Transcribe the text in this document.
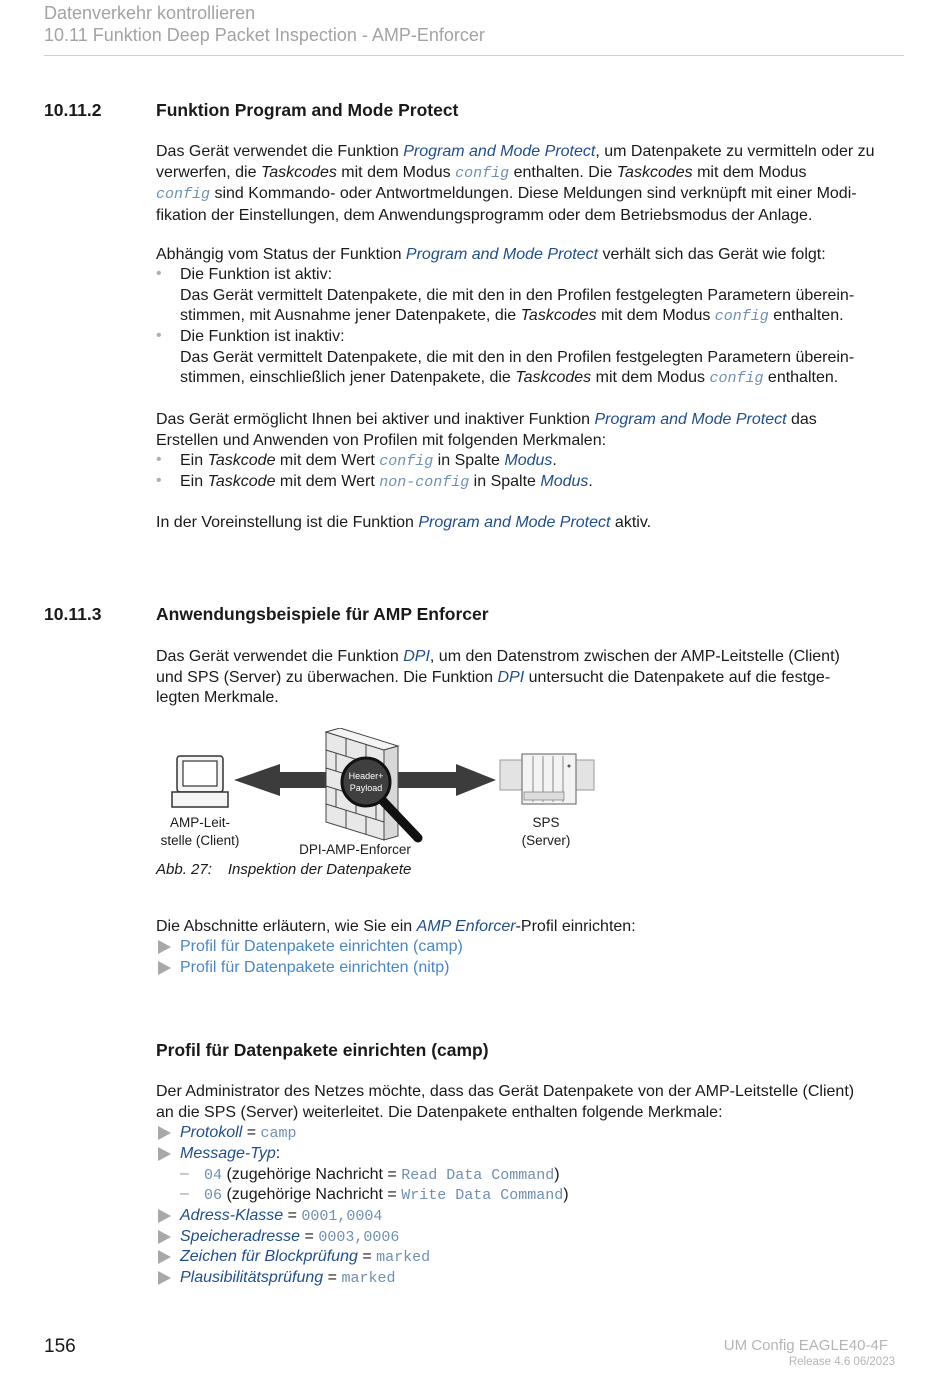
Datenverkehr kontrollieren
10.11 Funktion Deep Packet Inspection - AMP-Enforcer
10.11.2	Funktion Program and Mode Protect
Das Gerät verwendet die Funktion Program and Mode Protect, um Datenpakete zu vermitteln oder zu
verwerfen, die Taskcodes mit dem Modus config enthalten. Die Taskcodes mit dem Modus
config sind Kommando- oder Antwortmeldungen. Diese Meldungen sind verknüpft mit einer Modi-
fikation der Einstellungen, dem Anwendungsprogramm oder dem Betriebsmodus der Anlage.
Abhängig vom Status der Funktion Program and Mode Protect verhält sich das Gerät wie folgt:
• Die Funktion ist aktiv:
Das Gerät vermittelt Datenpakete, die mit den in den Profilen festgelegten Parametern überein-
stimmen, mit Ausnahme jener Datenpakete, die Taskcodes mit dem Modus config enthalten.
• Die Funktion ist inaktiv:
Das Gerät vermittelt Datenpakete, die mit den in den Profilen festgelegten Parametern überein-
stimmen, einschließlich jener Datenpakete, die Taskcodes mit dem Modus config enthalten.
Das Gerät ermöglicht Ihnen bei aktiver und inaktiver Funktion Program and Mode Protect das
Erstellen und Anwenden von Profilen mit folgenden Merkmalen:
• Ein Taskcode mit dem Wert config in Spalte Modus.
• Ein Taskcode mit dem Wert non-config in Spalte Modus.
In der Voreinstellung ist die Funktion Program and Mode Protect aktiv.
10.11.3	Anwendungsbeispiele für AMP Enforcer
Das Gerät verwendet die Funktion DPI, um den Datenstrom zwischen der AMP-Leitstelle (Client)
und SPS (Server) zu überwachen. Die Funktion DPI untersucht die Datenpakete auf die festge-
legten Merkmale.
Header+
Payload
AMP-Leit-
stelle (Client)
DPI-AMP-Enforcer
SPS
(Server)
Abb. 27: Inspektion der Datenpakete
Die Abschnitte erläutern, wie Sie ein AMP Enforcer-Profil einrichten:
Profil für Datenpakete einrichten (camp)
Profil für Datenpakete einrichten (nitp)
Profil für Datenpakete einrichten (camp)
Der Administrator des Netzes möchte, dass das Gerät Datenpakete von der AMP-Leitstelle (Client)
an die SPS (Server) weiterleitet. Die Datenpakete enthalten folgende Merkmale:
Protokoll = camp
Message-Typ:
– 04 (zugehörige Nachricht = Read Data Command)
– 06 (zugehörige Nachricht = Write Data Command)
Adress-Klasse = 0001,0004
Speicheradresse = 0003,0006
Zeichen für Blockprüfung = marked
Plausibilitätsprüfung = marked
156	UM Config EAGLE40-4F
Release 4.6 06/2023
